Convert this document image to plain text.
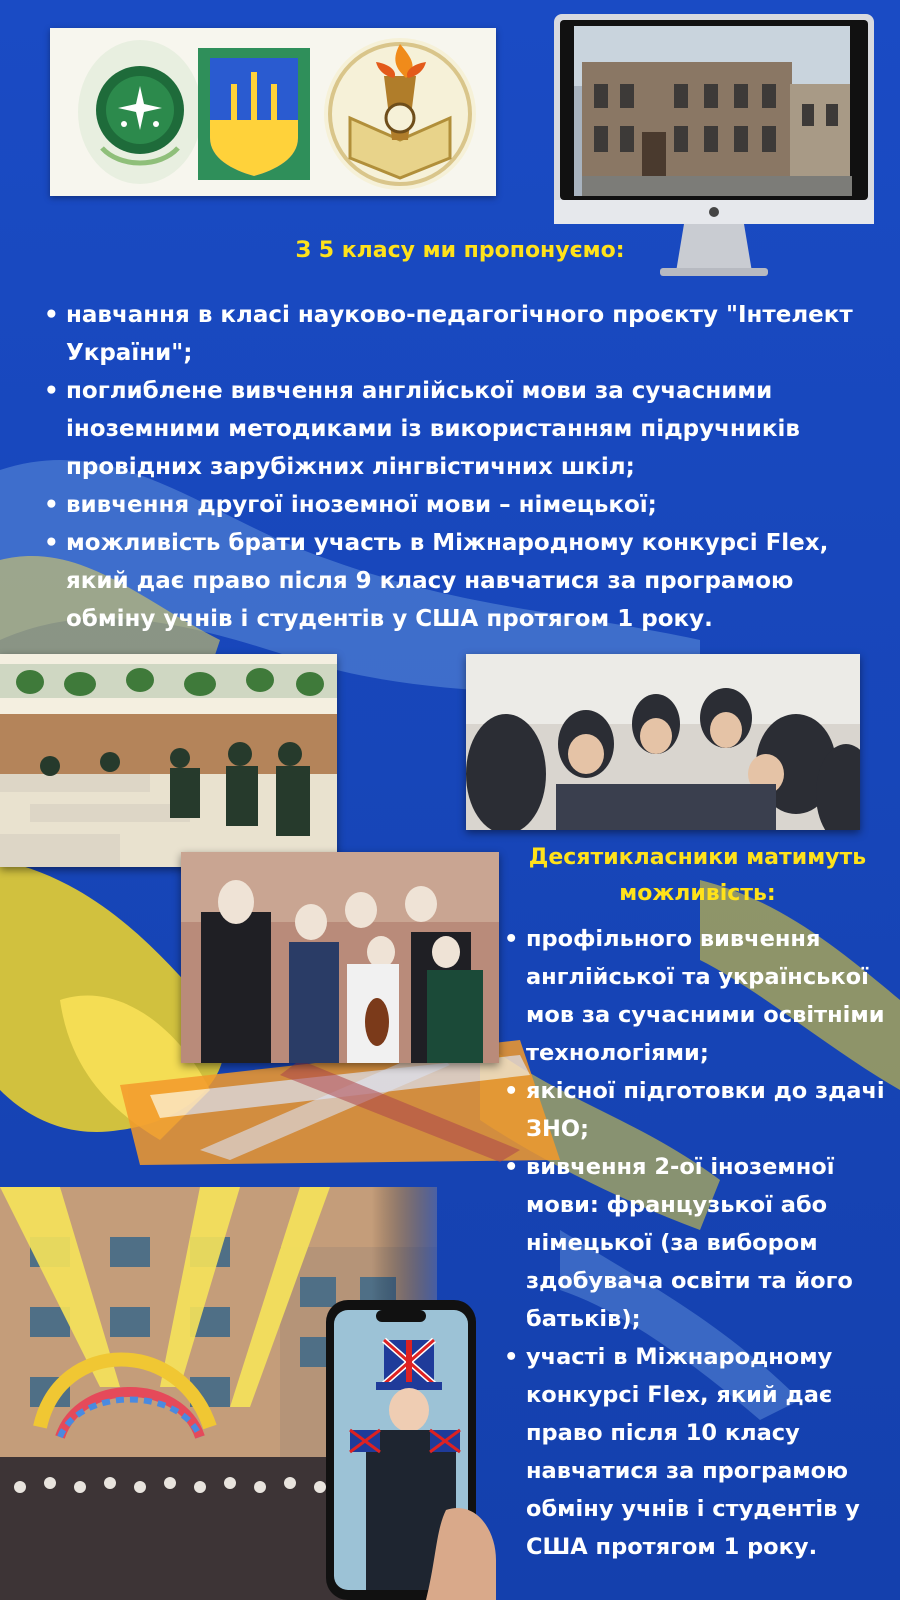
З 5 класу ми пропонуємо:
• навчання в класі науково-педагогічного проєкту "Інтелект України";
• поглиблене вивчення англійської мови за сучасними іноземними методиками із використанням підручників провідних зарубіжних лінгвістичних шкіл;
• вивчення другої іноземної мови – німецької;
• можливість брати участь в Міжнародному конкурсі Flex, який дає право після 9 класу навчатися за програмою обміну учнів і студентів у США протягом 1 року.
Десятикласники матимуть можливість:
• профільного вивчення англійської та української мов за сучасними освітніми технологіями;
• якісної підготовки до здачі ЗНО;
• вивчення 2-ої іноземної мови: французької або німецької (за вибором здобувача освіти та його батьків);
• участі в Міжнародному конкурсі Flex, який дає право після 10 класу навчатися за програмою обміну учнів і студентів у США протягом 1 року.
